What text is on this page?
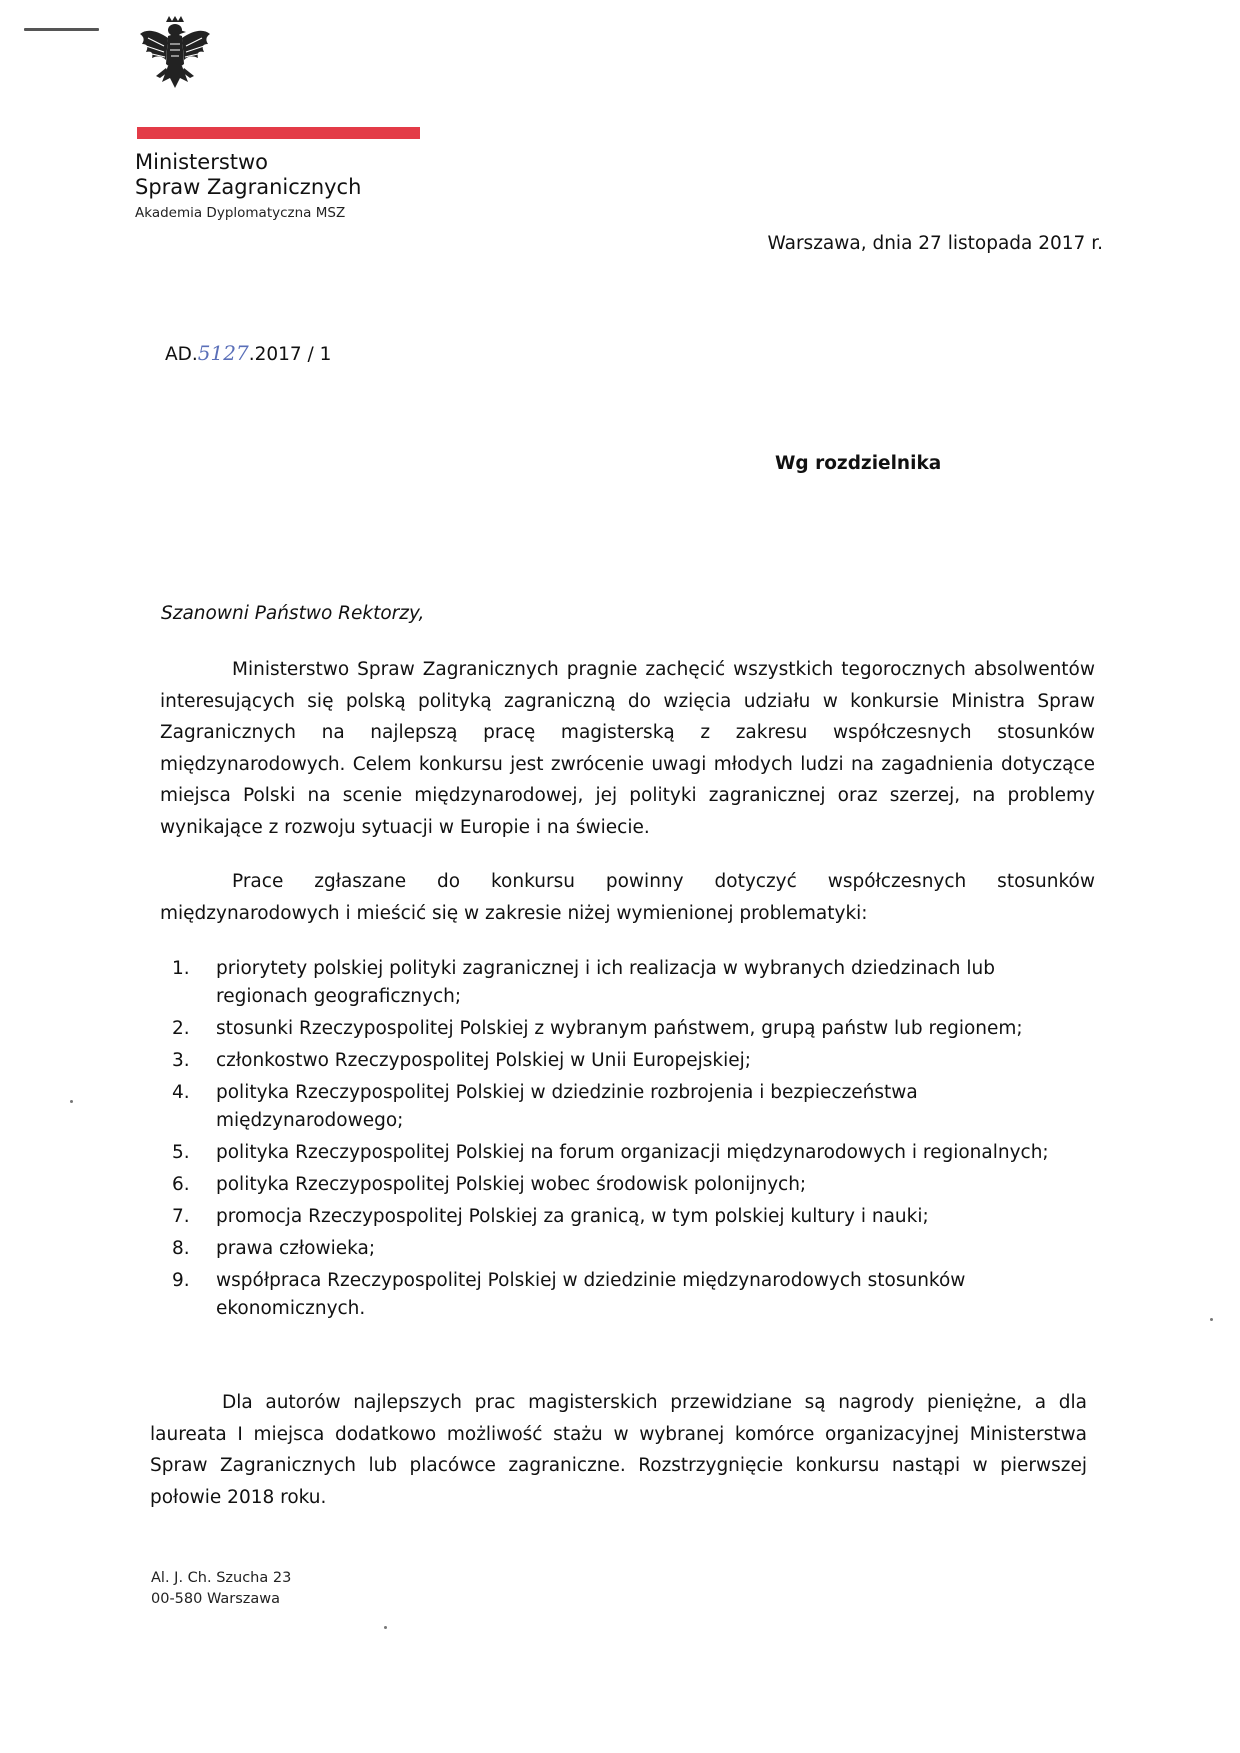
Ministerstwo
Spraw Zagranicznych
Akademia Dyplomatyczna MSZ
Warszawa, dnia 27 listopada 2017 r.
AD.5127.2017 / 1
Wg rozdzielnika
Szanowni Państwo Rektorzy,

Ministerstwo Spraw Zagranicznych pragnie zachęcić wszystkich tegorocznych absolwentów interesujących się polską polityką zagraniczną do wzięcia udziału w konkursie Ministra Spraw Zagranicznych na najlepszą pracę magisterską z zakresu współczesnych stosunków międzynarodowych. Celem konkursu jest zwrócenie uwagi młodych ludzi na zagadnienia dotyczące miejsca Polski na scenie międzynarodowej, jej polityki zagranicznej oraz szerzej, na problemy wynikające z rozwoju sytuacji w Europie i na świecie.

Prace zgłaszane do konkursu powinny dotyczyć współczesnych stosunków międzynarodowych i mieścić się w zakresie niżej wymienionej problematyki:

1.	priorytety polskiej polityki zagranicznej i ich realizacja w wybranych dziedzinach lub regionach geograficznych;
2.	stosunki Rzeczypospolitej Polskiej z wybranym państwem, grupą państw lub regionem;
3.	członkostwo Rzeczypospolitej Polskiej w Unii Europejskiej;
4.	polityka Rzeczypospolitej Polskiej w dziedzinie rozbrojenia i bezpieczeństwa międzynarodowego;
5.	polityka Rzeczypospolitej Polskiej na forum organizacji międzynarodowych i regionalnych;
6.	polityka Rzeczypospolitej Polskiej wobec środowisk polonijnych;
7.	promocja Rzeczypospolitej Polskiej za granicą, w tym polskiej kultury i nauki;
8.	prawa człowieka;
9.	współpraca Rzeczypospolitej Polskiej w dziedzinie międzynarodowych stosunków ekonomicznych.

Dla autorów najlepszych prac magisterskich przewidziane są nagrody pieniężne, a dla laureata I miejsca dodatkowo możliwość stażu w wybranej komórce organizacyjnej Ministerstwa Spraw Zagranicznych lub placówce zagraniczne. Rozstrzygnięcie konkursu nastąpi w pierwszej połowie 2018 roku.

Al. J. Ch. Szucha 23
00-580 Warszawa
